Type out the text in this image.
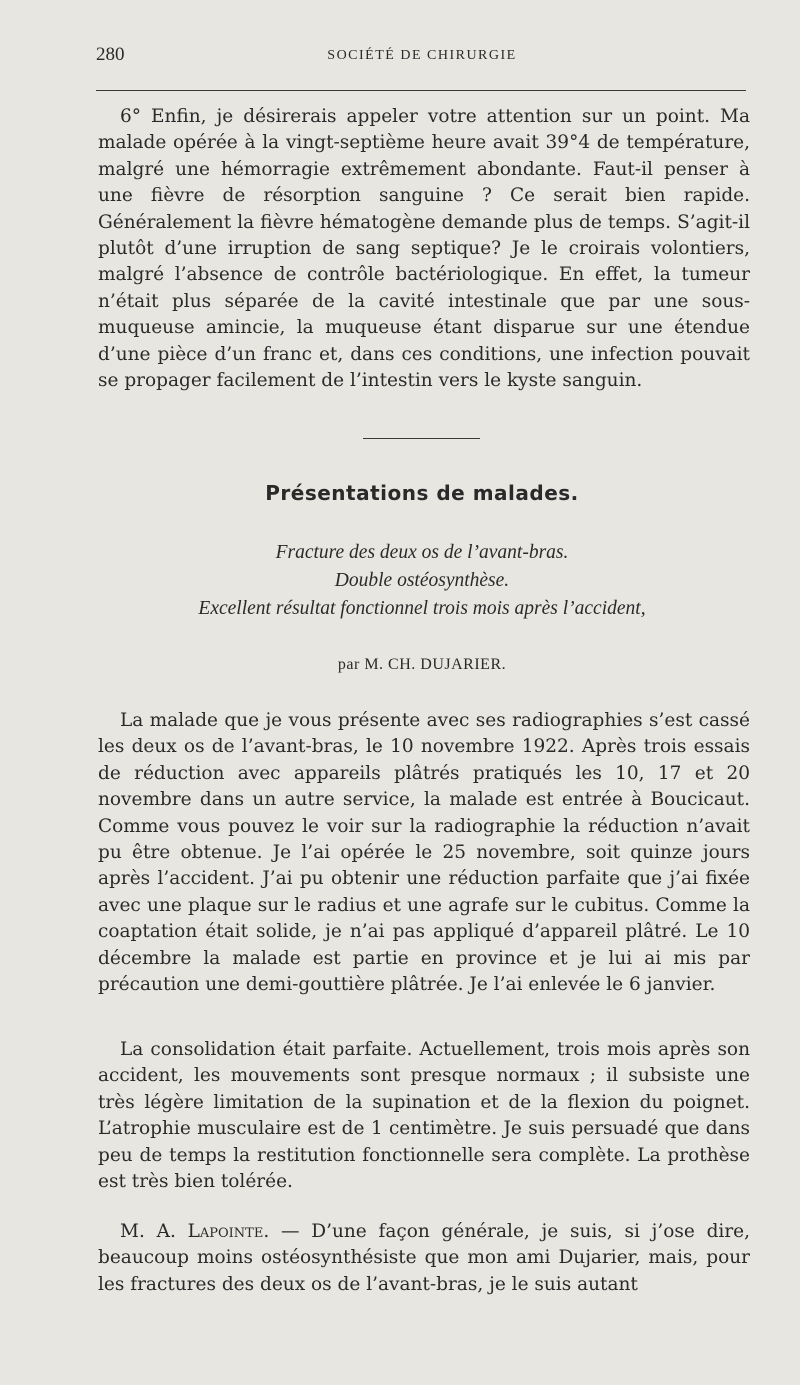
280	SOCIÉTÉ DE CHIRURGIE

6° Enfin, je désirerais appeler votre attention sur un point. Ma malade opérée à la vingt-septième heure avait 39°4 de température, malgré une hémorragie extrêmement abondante. Faut-il penser à une fièvre de résorption sanguine ? Ce serait bien rapide. Généralement la fièvre hématogène demande plus de temps. S’agit-il plutôt d’une irruption de sang septique? Je le croirais volontiers, malgré l’absence de contrôle bactériologique. En effet, la tumeur n’était plus séparée de la cavité intestinale que par une sous-muqueuse amincie, la muqueuse étant disparue sur une étendue d’une pièce d’un franc et, dans ces conditions, une infection pouvait se propager facilement de l’intestin vers le kyste sanguin.

Présentations de malades.
Fracture des deux os de l’avant-bras.
Double ostéosynthèse.
Excellent résultat fonctionnel trois mois après l’accident,
par M. CH. DUJARIER.

La malade que je vous présente avec ses radiographies s’est cassé les deux os de l’avant-bras, le 10 novembre 1922. Après trois essais de réduction avec appareils plâtrés pratiqués les 10, 17 et 20 novembre dans un autre service, la malade est entrée à Boucicaut. Comme vous pouvez le voir sur la radiographie la réduction n’avait pu être obtenue. Je l’ai opérée le 25 novembre, soit quinze jours après l’accident. J’ai pu obtenir une réduction parfaite que j’ai fixée avec une plaque sur le radius et une agrafe sur le cubitus. Comme la coaptation était solide, je n’ai pas appliqué d’appareil plâtré. Le 10 décembre la malade est partie en province et je lui ai mis par précaution une demi-gouttière plâtrée. Je l’ai enlevée le 6 janvier.

La consolidation était parfaite. Actuellement, trois mois après son accident, les mouvements sont presque normaux ; il subsiste une très légère limitation de la supination et de la flexion du poignet. L’atrophie musculaire est de 1 centimètre. Je suis persuadé que dans peu de temps la restitution fonctionnelle sera complète. La prothèse est très bien tolérée.

M. A. Lapointe. — D’une façon générale, je suis, si j’ose dire, beaucoup moins ostéosynthésiste que mon ami Dujarier, mais, pour les fractures des deux os de l’avant-bras, je le suis autant
